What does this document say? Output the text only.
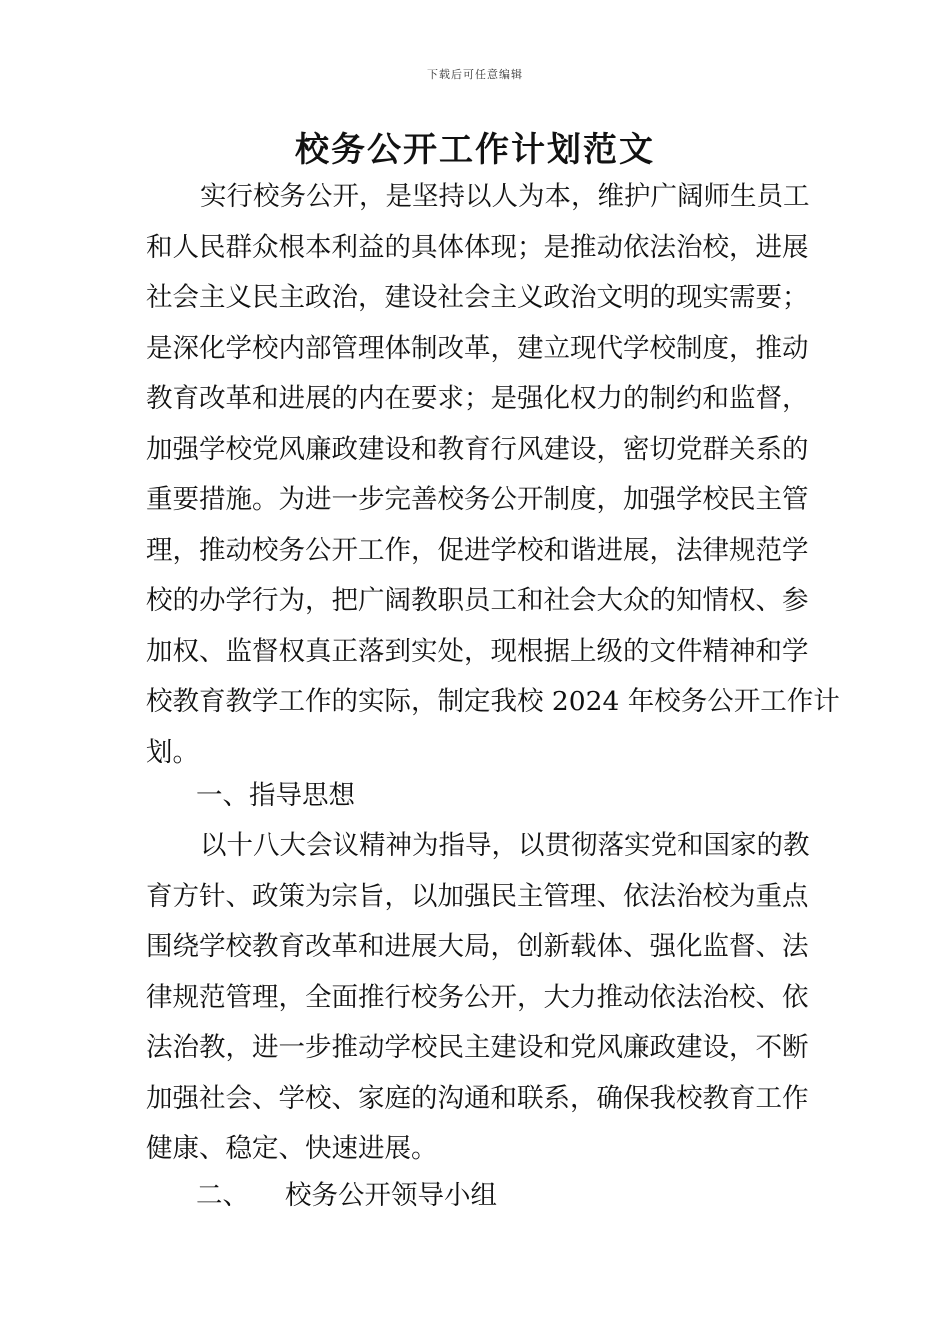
下载后可任意编辑
校务公开工作计划范文
实行校务公开，是坚持以人为本，维护广阔师生员工
和人民群众根本利益的具体体现；是推动依法治校，进展
社会主义民主政治，建设社会主义政治文明的现实需要；
是深化学校内部管理体制改革，建立现代学校制度，推动
教育改革和进展的内在要求；是强化权力的制约和监督，
加强学校党风廉政建设和教育行风建设，密切党群关系的
重要措施。为进一步完善校务公开制度，加强学校民主管
理，推动校务公开工作，促进学校和谐进展，法律规范学
校的办学行为，把广阔教职员工和社会大众的知情权、参
加权、监督权真正落到实处，现根据上级的文件精神和学
校教育教学工作的实际，制定我校 2024 年校务公开工作计
划。
一、指导思想
以十八大会议精神为指导，以贯彻落实党和国家的教
育方针、政策为宗旨，以加强民主管理、依法治校为重点
围绕学校教育改革和进展大局，创新载体、强化监督、法
律规范管理，全面推行校务公开，大力推动依法治校、依
法治教，进一步推动学校民主建设和党风廉政建设，不断
加强社会、学校、家庭的沟通和联系，确保我校教育工作
健康、稳定、快速进展。
二、 校务公开领导小组
